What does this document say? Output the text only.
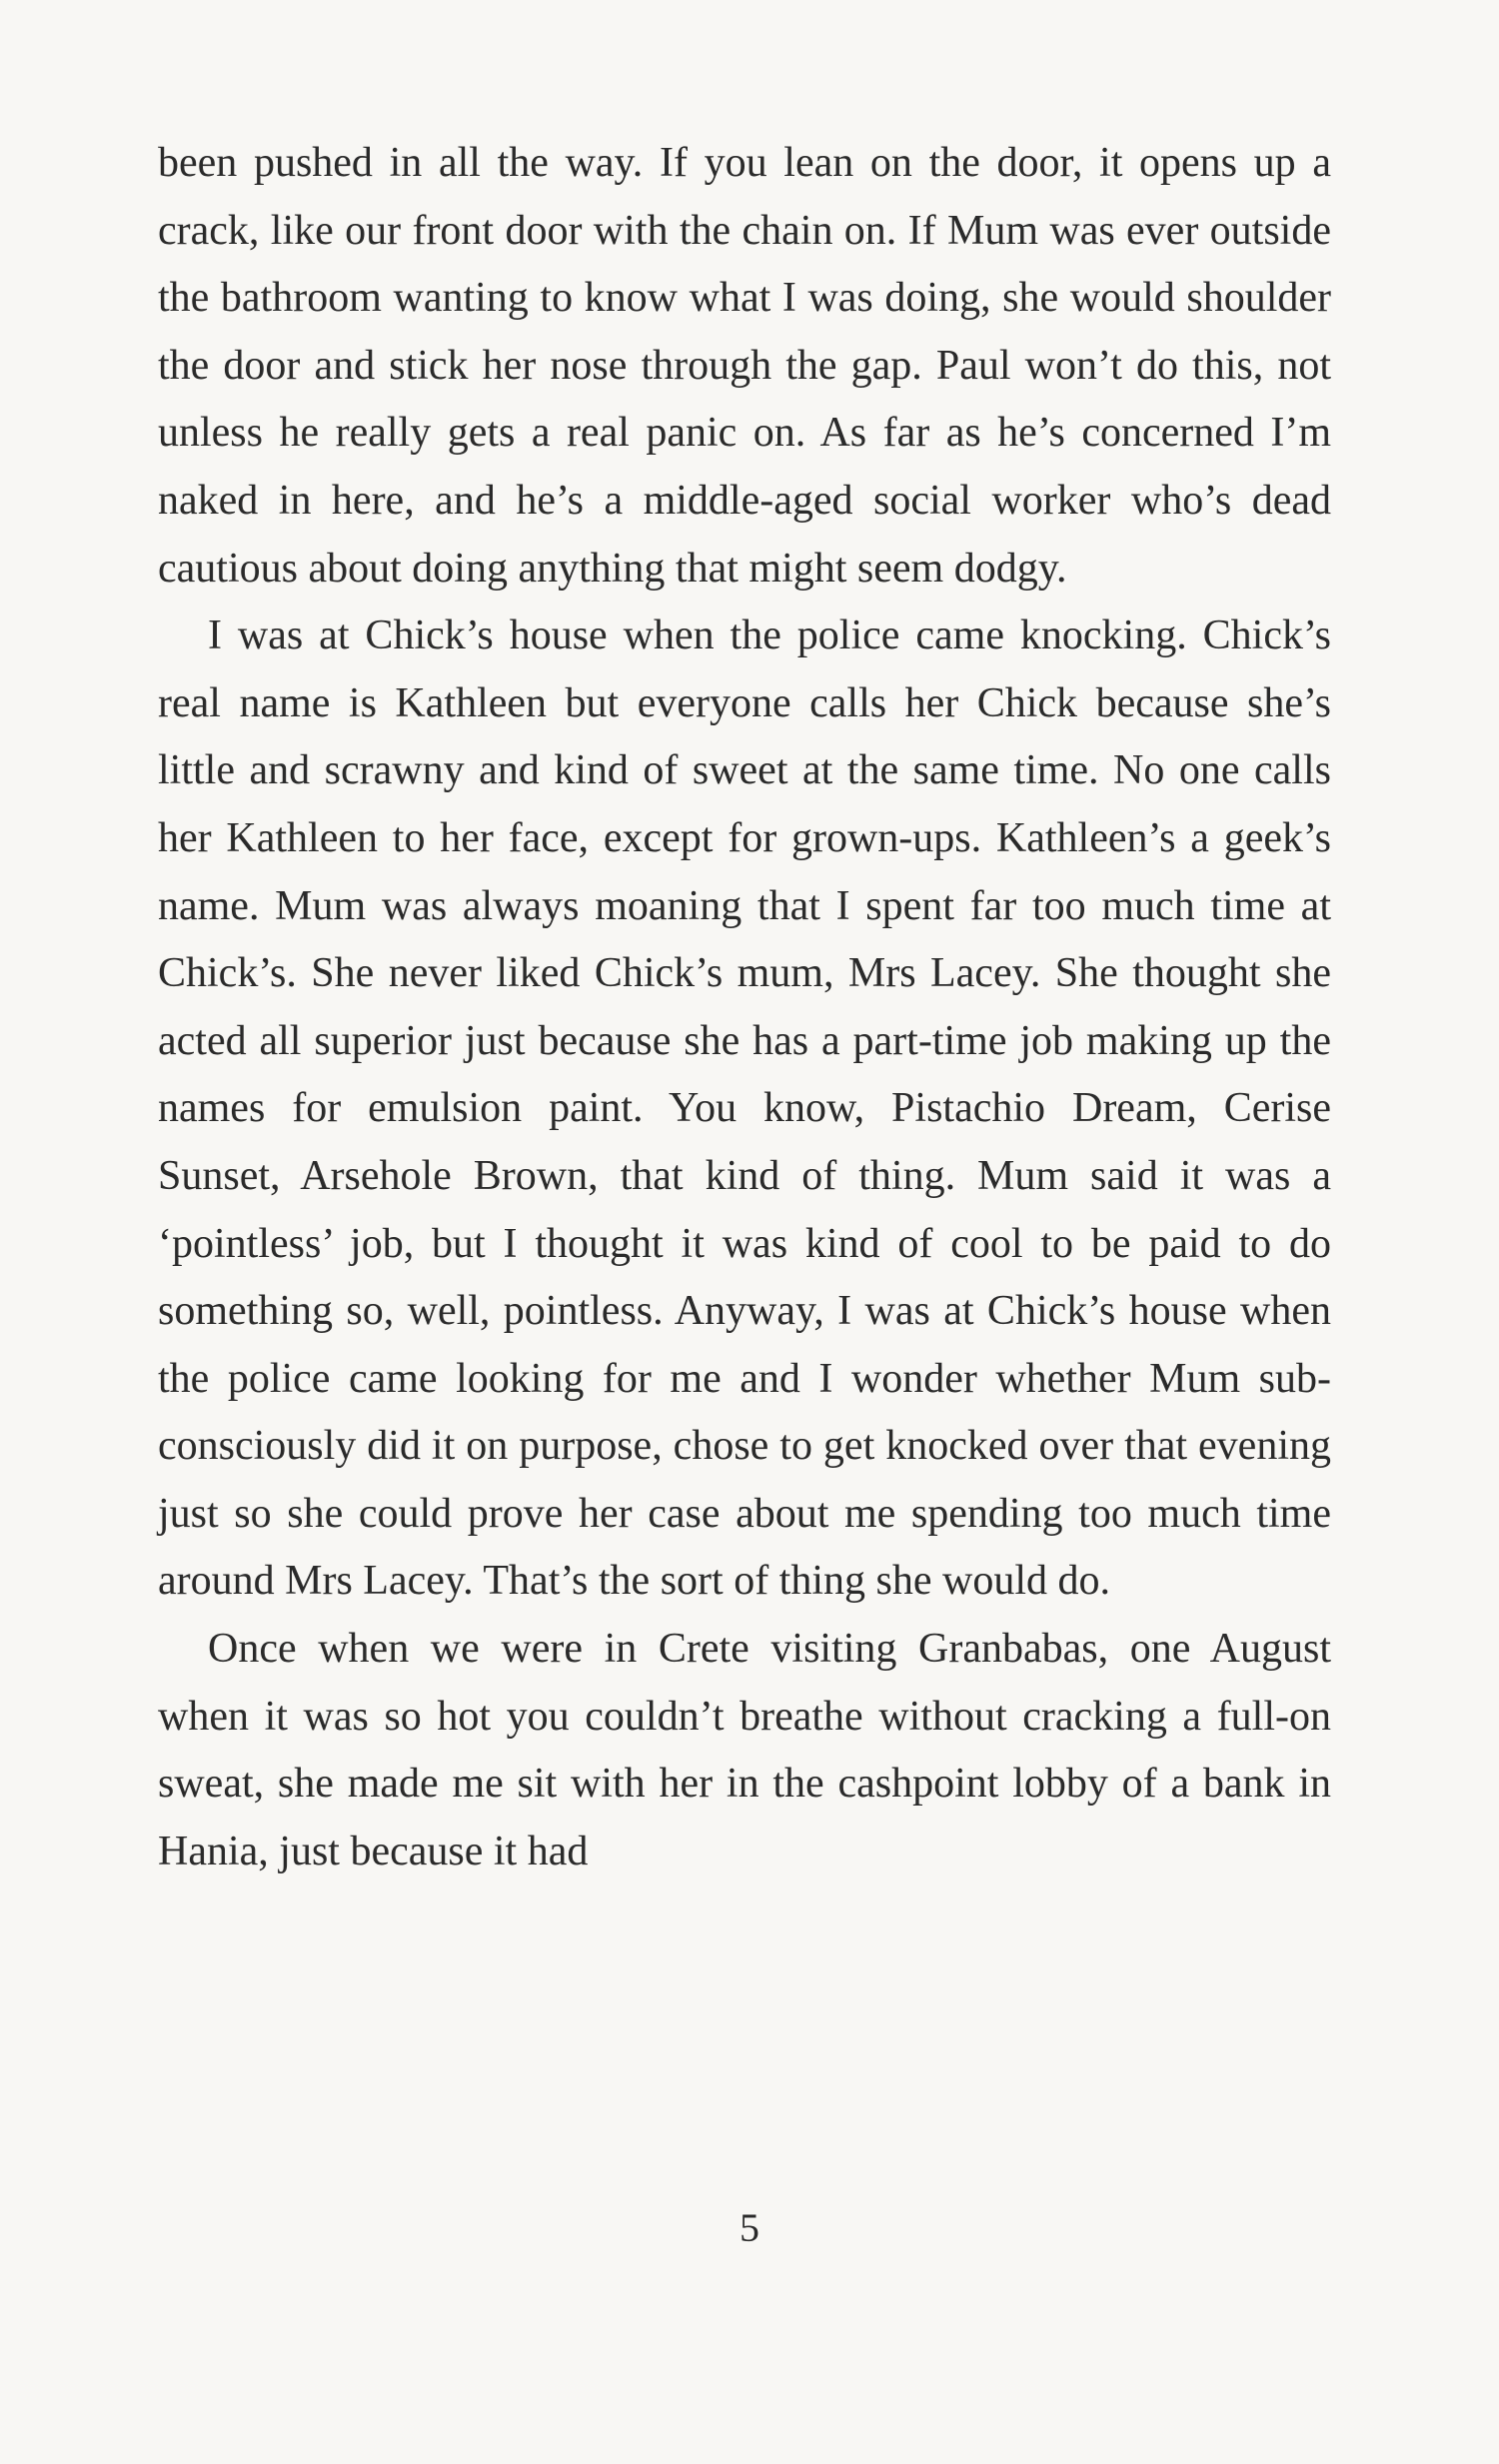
been pushed in all the way. If you lean on the door, it opens up a crack, like our front door with the chain on. If Mum was ever outside the bathroom wanting to know what I was doing, she would shoulder the door and stick her nose through the gap. Paul won’t do this, not unless he really gets a real panic on. As far as he’s concerned I’m naked in here, and he’s a middle-aged social worker who’s dead cautious about doing anything that might seem dodgy.

I was at Chick’s house when the police came knocking. Chick’s real name is Kathleen but everyone calls her Chick because she’s little and scrawny and kind of sweet at the same time. No one calls her Kathleen to her face, except for grown-ups. Kathleen’s a geek’s name. Mum was always moaning that I spent far too much time at Chick’s. She never liked Chick’s mum, Mrs Lacey. She thought she acted all superior just because she has a part-time job making up the names for emulsion paint. You know, Pistachio Dream, Cerise Sunset, Arsehole Brown, that kind of thing. Mum said it was a ‘pointless’ job, but I thought it was kind of cool to be paid to do something so, well, pointless. Anyway, I was at Chick’s house when the police came looking for me and I wonder whether Mum sub-consciously did it on purpose, chose to get knocked over that evening just so she could prove her case about me spending too much time around Mrs Lacey. That’s the sort of thing she would do.

Once when we were in Crete visiting Granbabas, one August when it was so hot you couldn’t breathe without cracking a full-on sweat, she made me sit with her in the cashpoint lobby of a bank in Hania, just because it had

5
